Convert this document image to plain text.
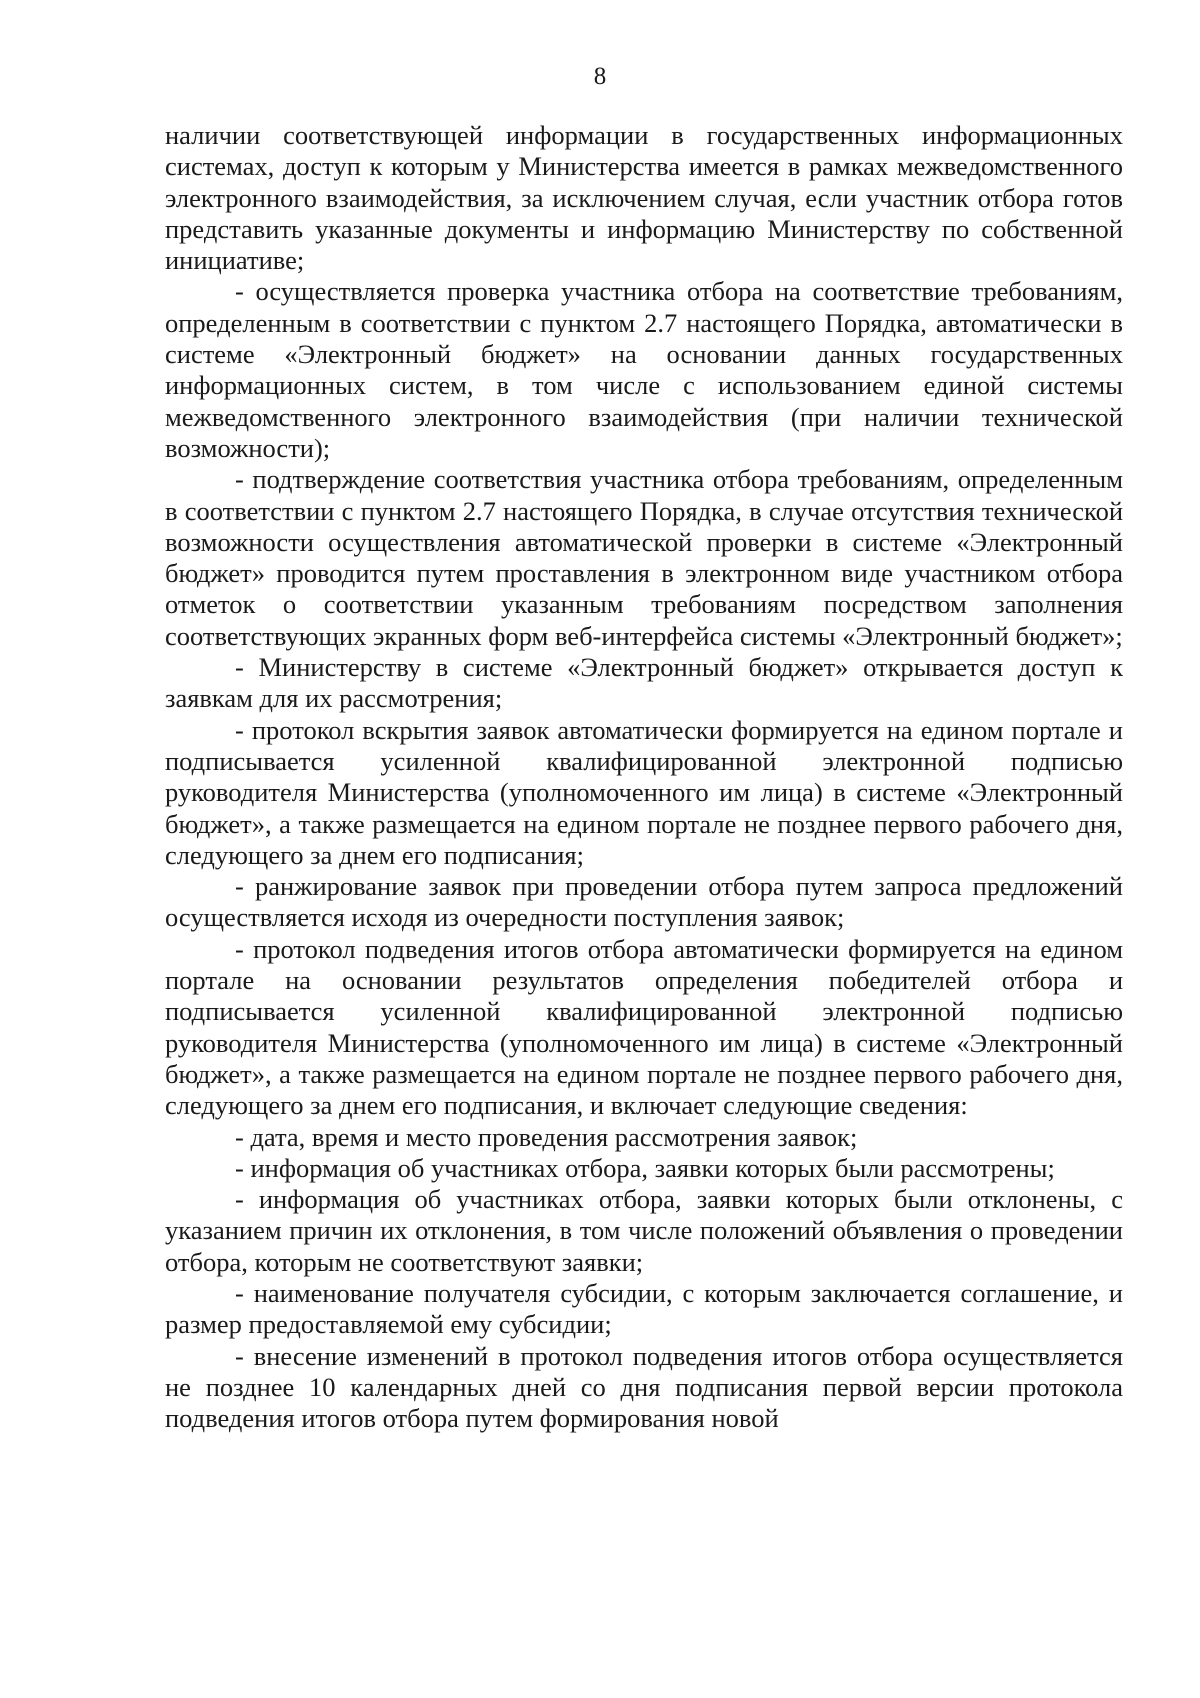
8

наличии соответствующей информации в государственных информационных системах, доступ к которым у Министерства имеется в рамках межведомственного электронного взаимодействия, за исключением случая, если участник отбора готов представить указанные документы и информацию Министерству по собственной инициативе;

- осуществляется проверка участника отбора на соответствие требованиям, определенным в соответствии с пунктом 2.7 настоящего Порядка, автоматически в системе «Электронный бюджет» на основании данных государственных информационных систем, в том числе с использованием единой системы межведомственного электронного взаимодействия (при наличии технической возможности);

- подтверждение соответствия участника отбора требованиям, определенным в соответствии с пунктом 2.7 настоящего Порядка, в случае отсутствия технической возможности осуществления автоматической проверки в системе «Электронный бюджет» проводится путем проставления в электронном виде участником отбора отметок о соответствии указанным требованиям посредством заполнения соответствующих экранных форм веб-интерфейса системы «Электронный бюджет»;

- Министерству в системе «Электронный бюджет» открывается доступ к заявкам для их рассмотрения;

- протокол вскрытия заявок автоматически формируется на едином портале и подписывается усиленной квалифицированной электронной подписью руководителя Министерства (уполномоченного им лица) в системе «Электронный бюджет», а также размещается на едином портале не позднее первого рабочего дня, следующего за днем его подписания;

- ранжирование заявок при проведении отбора путем запроса предложений осуществляется исходя из очередности поступления заявок;

- протокол подведения итогов отбора автоматически формируется на едином портале на основании результатов определения победителей отбора и подписывается усиленной квалифицированной электронной подписью руководителя Министерства (уполномоченного им лица) в системе «Электронный бюджет», а также размещается на едином портале не позднее первого рабочего дня, следующего за днем его подписания, и включает следующие сведения:

- дата, время и место проведения рассмотрения заявок;

- информация об участниках отбора, заявки которых были рассмотрены;

- информация об участниках отбора, заявки которых были отклонены, с указанием причин их отклонения, в том числе положений объявления о проведении отбора, которым не соответствуют заявки;

- наименование получателя субсидии, с которым заключается соглашение, и размер предоставляемой ему субсидии;

- внесение изменений в протокол подведения итогов отбора осуществляется не позднее 10 календарных дней со дня подписания первой версии протокола подведения итогов отбора путем формирования новой
